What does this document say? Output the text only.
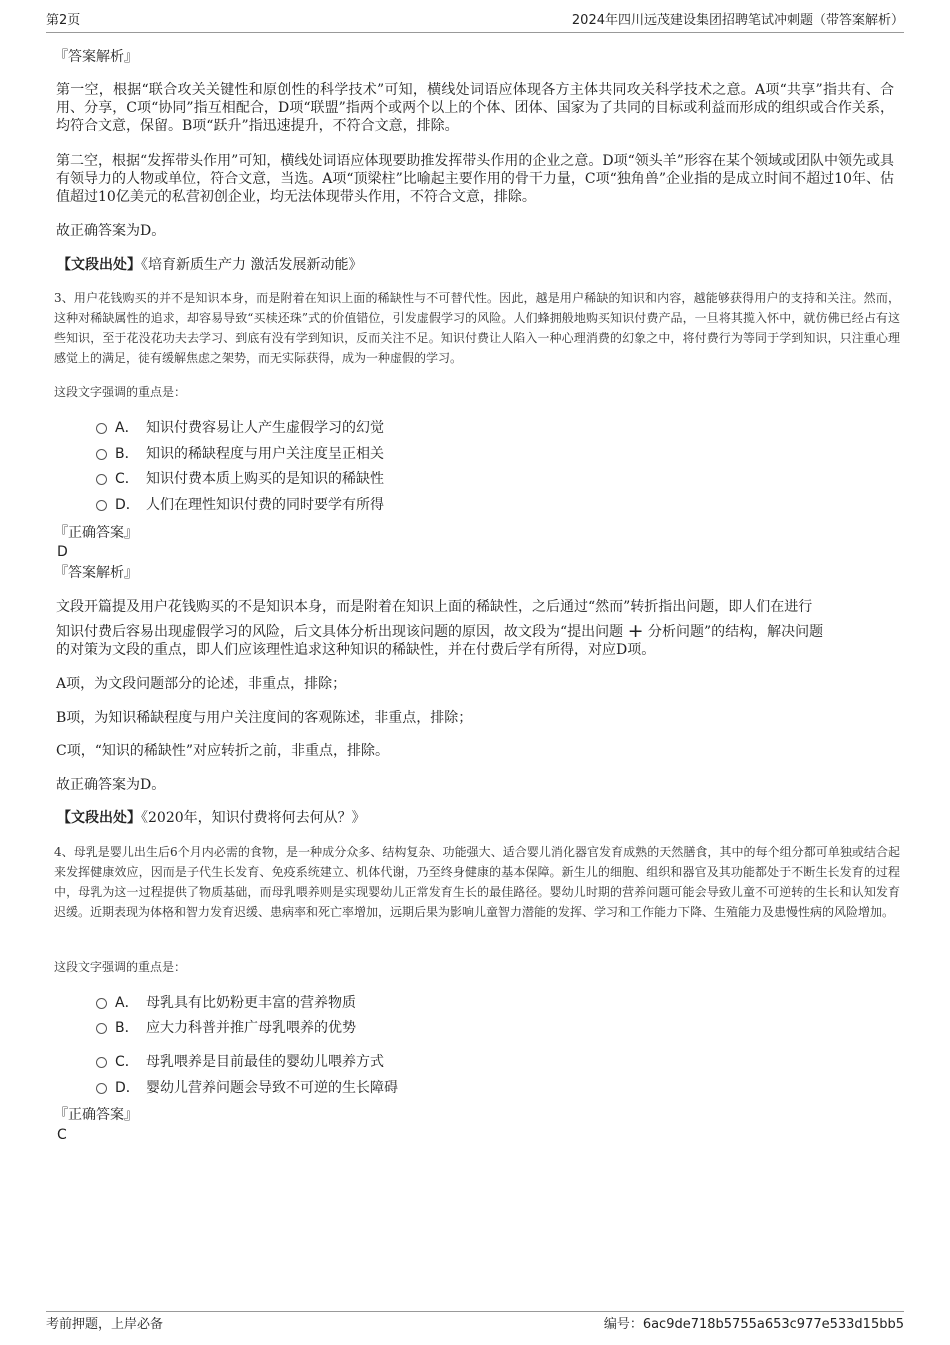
第2页	2024年四川远茂建设集团招聘笔试冲刺题（带答案解析）

『答案解析』

第一空，根据“联合攻关关键性和原创性的科学技术”可知，横线处词语应体现各方主体共同攻关科学技术之意。A项“共享”指共有、合用、分享，C项“协同”指互相配合，D项“联盟”指两个或两个以上的个体、团体、国家为了共同的目标或利益而形成的组织或合作关系，均符合文意，保留。B项“跃升”指迅速提升，不符合文意，排除。

第二空，根据“发挥带头作用”可知，横线处词语应体现要助推发挥带头作用的企业之意。D项“领头羊”形容在某个领域或团队中领先或具有领导力的人物或单位，符合文意，当选。A项“顶梁柱”比喻起主要作用的骨干力量，C项“独角兽”企业指的是成立时间不超过10年、估值超过10亿美元的私营初创企业，均无法体现带头作用，不符合文意，排除。

故正确答案为D。

【文段出处】《培育新质生产力 激活发展新动能》

3、用户花钱购买的并不是知识本身，而是附着在知识上面的稀缺性与不可替代性。因此，越是用户稀缺的知识和内容，越能够获得用户的支持和关注。然而，这种对稀缺属性的追求，却容易导致“买椟还珠”式的价值错位，引发虚假学习的风险。人们蜂拥般地购买知识付费产品，一旦将其揽入怀中，就仿佛已经占有这些知识，至于花没花功夫去学习、到底有没有学到知识，反而关注不足。知识付费让人陷入一种心理消费的幻象之中，将付费行为等同于学到知识，只注重心理感觉上的满足，徒有缓解焦虑之架势，而无实际获得，成为一种虚假的学习。

这段文字强调的重点是：

A． 知识付费容易让人产生虚假学习的幻觉
B． 知识的稀缺程度与用户关注度呈正相关
C． 知识付费本质上购买的是知识的稀缺性
D． 人们在理性知识付费的同时要学有所得

『正确答案』

D

『答案解析』

文段开篇提及用户花钱购买的不是知识本身，而是附着在知识上面的稀缺性，之后通过“然而”转折指出问题，即人们在进行

知识付费后容易出现虚假学习的风险，后文具体分析出现该问题的原因，故文段为“提出问题 + 分析问题”的结构，解决问题

的对策为文段的重点，即人们应该理性追求这种知识的稀缺性，并在付费后学有所得，对应D项。

A项，为文段问题部分的论述，非重点，排除；

B项，为知识稀缺程度与用户关注度间的客观陈述，非重点，排除；

C项，“知识的稀缺性”对应转折之前，非重点，排除。

故正确答案为D。

【文段出处】《2020年，知识付费将何去何从？》

4、母乳是婴儿出生后6个月内必需的食物，是一种成分众多、结构复杂、功能强大、适合婴儿消化器官发育成熟的天然膳食，其中的每个组分都可单独或结合起来发挥健康效应，因而是子代生长发育、免疫系统建立、机体代谢，乃至终身健康的基本保障。新生儿的细胞、组织和器官及其功能都处于不断生长发育的过程中，母乳为这一过程提供了物质基础，而母乳喂养则是实现婴幼儿正常发育生长的最佳路径。婴幼儿时期的营养问题可能会导致儿童不可逆转的生长和认知发育迟缓。近期表现为体格和智力发育迟缓、患病率和死亡率增加，远期后果为影响儿童智力潜能的发挥、学习和工作能力下降、生殖能力及患慢性病的风险增加。

这段文字强调的重点是：

A． 母乳具有比奶粉更丰富的营养物质
B． 应大力科普并推广母乳喂养的优势
C． 母乳喂养是目前最佳的婴幼儿喂养方式
D． 婴幼儿营养问题会导致不可逆的生长障碍

『正确答案』

C

考前押题，上岸必备	编号：6ac9de718b5755a653c977e533d15bb5
